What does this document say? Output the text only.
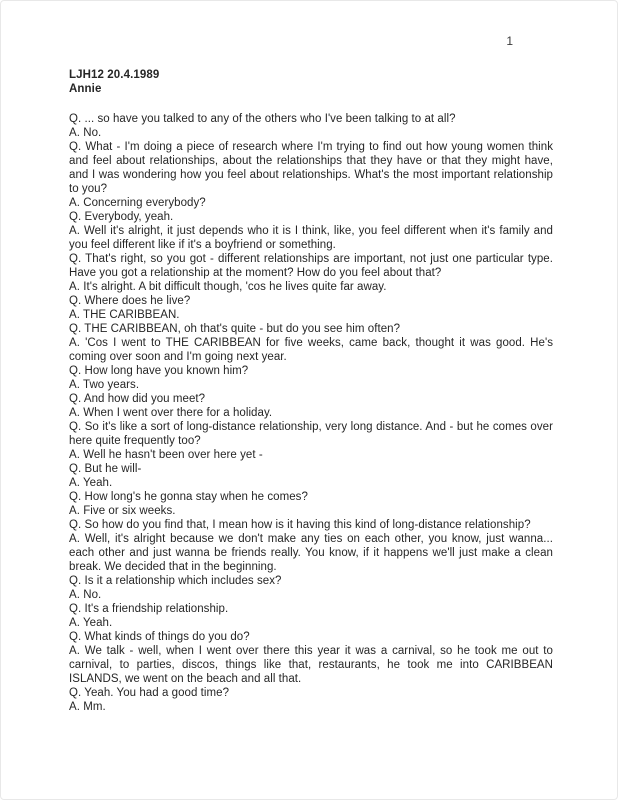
1
LJH12 20.4.1989
Annie

Q. ... so have you talked to any of the others who I've been talking to at all?

A. No.

Q. What - I'm doing a piece of research where I'm trying to find out how young women think and feel about relationships, about the relationships that they have or that they might have, and I was wondering how you feel about relationships. What's the most important relationship to you?

A. Concerning everybody?

Q. Everybody, yeah.

A. Well it's alright, it just depends who it is I think, like, you feel different when it's family and you feel different like if it's a boyfriend or something.

Q. That's right, so you got - different relationships are important, not just one particular type. Have you got a relationship at the moment? How do you feel about that?

A. It's alright. A bit difficult though, 'cos he lives quite far away.

Q. Where does he live?

A. THE CARIBBEAN.

Q. THE CARIBBEAN, oh that's quite - but do you see him often?

A. 'Cos I went to THE CARIBBEAN for five weeks, came back, thought it was good. He's coming over soon and I'm going next year.

Q. How long have you known him?

A. Two years.

Q. And how did you meet?

A. When I went over there for a holiday.

Q. So it's like a sort of long-distance relationship, very long distance. And - but he comes over here quite frequently too?

A. Well he hasn't been over here yet -

Q. But he will-

A. Yeah.

Q. How long's he gonna stay when he comes?

A. Five or six weeks.

Q. So how do you find that, I mean how is it having this kind of long-distance relationship?

A. Well, it's alright because we don't make any ties on each other, you know, just wanna... each other and just wanna be friends really. You know, if it happens we'll just make a clean break. We decided that in the beginning.

Q. Is it a relationship which includes sex?

A. No.

Q. It's a friendship relationship.

A. Yeah.

Q. What kinds of things do you do?

A. We talk - well, when I went over there this year it was a carnival, so he took me out to carnival, to parties, discos, things like that, restaurants, he took me into CARIBBEAN ISLANDS, we went on the beach and all that.

Q. Yeah. You had a good time?

A. Mm.
